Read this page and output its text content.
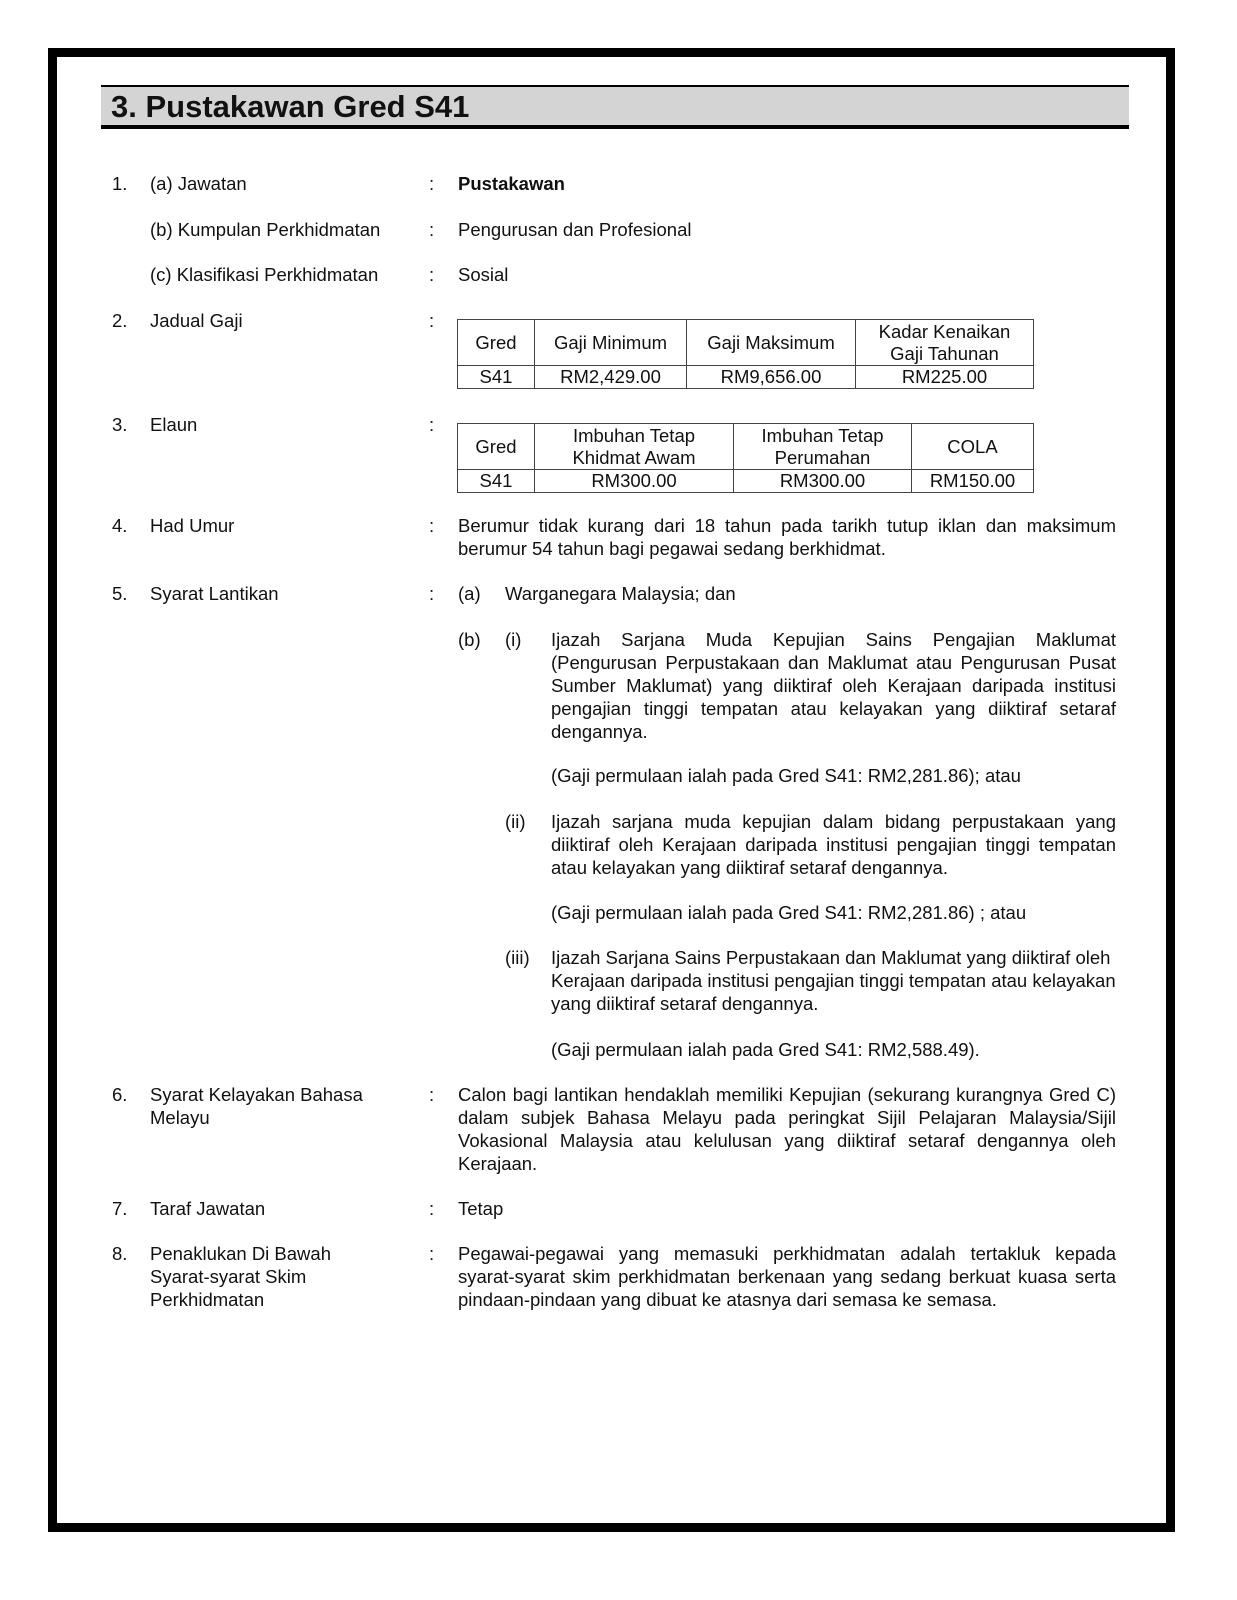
3. Pustakawan Gred S41
1. (a) Jawatan	: Pustakawan
(b) Kumpulan Perkhidmatan	: Pengurusan dan Profesional
(c) Klasifikasi Perkhidmatan	: Sosial
2. Jadual Gaji	:
Gred	Gaji Minimum	Gaji Maksimum	Kadar Kenaikan Gaji Tahunan
S41	RM2,429.00	RM9,656.00	RM225.00
3. Elaun	:
Gred	Imbuhan Tetap Khidmat Awam	Imbuhan Tetap Perumahan	COLA
S41	RM300.00	RM300.00	RM150.00
4. Had Umur	: Berumur tidak kurang dari 18 tahun pada tarikh tutup iklan dan maksimum berumur 54 tahun bagi pegawai sedang berkhidmat.
5. Syarat Lantikan	: (a) Warganegara Malaysia; dan
(b) (i) Ijazah Sarjana Muda Kepujian Sains Pengajian Maklumat (Pengurusan Perpustakaan dan Maklumat atau Pengurusan Pusat Sumber Maklumat) yang diiktiraf oleh Kerajaan daripada institusi pengajian tinggi tempatan atau kelayakan yang diiktiraf setaraf dengannya.
(Gaji permulaan ialah pada Gred S41: RM2,281.86); atau
(ii) Ijazah sarjana muda kepujian dalam bidang perpustakaan yang diiktiraf oleh Kerajaan daripada institusi pengajian tinggi tempatan atau kelayakan yang diiktiraf setaraf dengannya.
(Gaji permulaan ialah pada Gred S41: RM2,281.86) ; atau
(iii) Ijazah Sarjana Sains Perpustakaan dan Maklumat yang diiktiraf oleh Kerajaan daripada institusi pengajian tinggi tempatan atau kelayakan yang diiktiraf setaraf dengannya.
(Gaji permulaan ialah pada Gred S41: RM2,588.49).
6. Syarat Kelayakan Bahasa Melayu
: Calon bagi lantikan hendaklah memiliki Kepujian (sekurang kurangnya Gred C) dalam subjek Bahasa Melayu pada peringkat Sijil Pelajaran Malaysia/Sijil Vokasional Malaysia atau kelulusan yang diiktiraf setaraf dengannya oleh Kerajaan.
7. Taraf Jawatan	: Tetap
8. Penaklukan Di Bawah Syarat-syarat Skim Perkhidmatan
: Pegawai-pegawai yang memasuki perkhidmatan adalah tertakluk kepada syarat-syarat skim perkhidmatan berkenaan yang sedang berkuat kuasa serta pindaan-pindaan yang dibuat ke atasnya dari semasa ke semasa.
